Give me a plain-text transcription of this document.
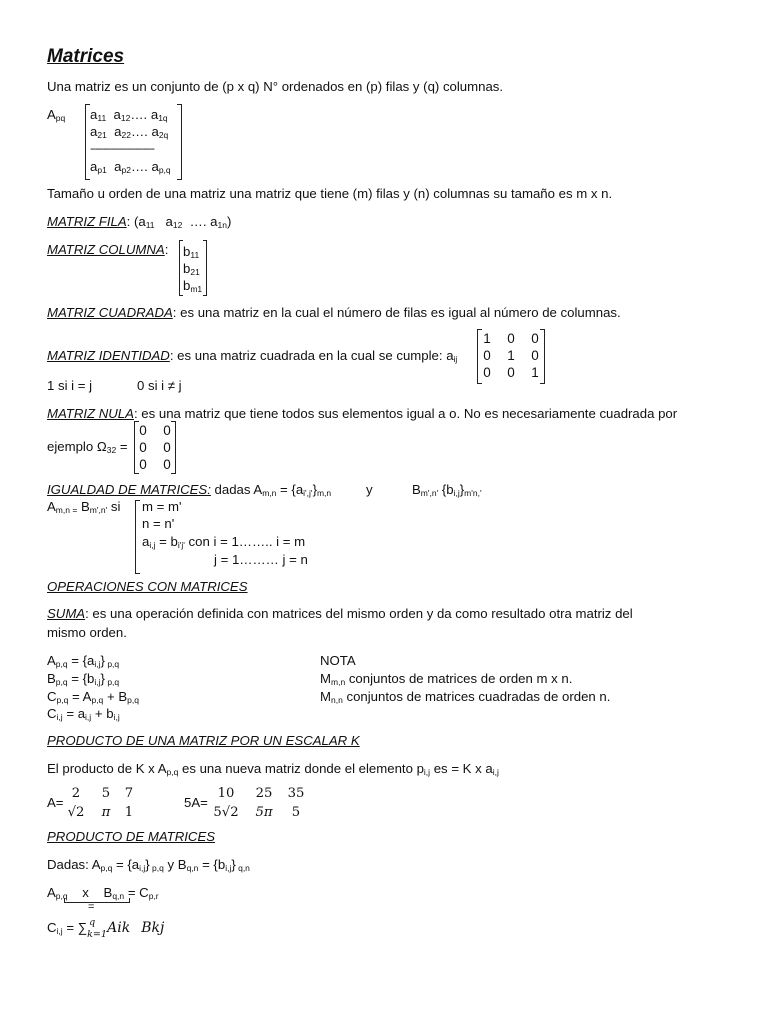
Matrices
Una matriz es un conjunto de (p x q) N° ordenados en (p) filas y (q) columnas.
$A_{pq}$ $a_{11}$ $a_{12}\dots$. $a_{1q}$
$a_{21}$ $a_{22}\dots$. $a_{2q}$
------------------------
$a_{p1}$ $a_{p2}\dots$. $a_{p,q}$
Tamaño u orden de una matriz una matriz que tiene (m) filas y (n) columnas su tamaño es m x n.
MATRIZ FILA: ($a_{11}$ $a_{12}$ …. $a_{1n}$)
MATRIZ COLUMNA: $b_{11}$
$b_{21}$
$b_{m1}$
MATRIZ CUADRADA: es una matriz en la cual el número de filas es igual al número de columnas.
MATRIZ IDENTIDAD: es una matriz cuadrada en la cual se cumple: $a_{ij}$
1	0	0
0	1	0
0	0	1
1 si i = j	0 si i ≠ j
MATRIZ NULA: es una matriz que tiene todos sus elementos igual a o. No es necesariamente cuadrada por
ejemplo $\Omega_{32}$ =
0	0
0	0
0	0
IGUALDAD DE MATRICES: dadas $A_{m,n} = \{a_{i',j'}\}_{m,n}$	y	$B_{m',n'}$ $\{b_{i,j}\}_{m'n,'}$
$A_{m,n =}$ $B_{m',n'}$ si m = m'
n = n'
$a_{i,j} = b_{i'j'}$ con i = 1…….. i = m
j = 1……… j = n
OPERACIONES CON MATRICES
SUMA: es una operación definida con matrices del mismo orden y da como resultado otra matriz del
mismo orden.
$A_{p,q} = \{a_{i,j}\}$ $_{p,q}$
$B_{p,q} = \{b_{i,j}\}$ $_{p,q}$
$C_{p,q} = A_{p,q} + B_{p,q}$
$C_{i,j} = a_{i,j} + b_{i,j}$
NOTA
$M_{m,n}$ conjuntos de matrices de orden m x n.
$M_{n,n}$ conjuntos de matrices cuadradas de orden n.
PRODUCTO DE UNA MATRIZ POR UN ESCALAR K
El producto de K x $A_{p,q}$ es una nueva matriz donde el elemento $p_{i,j}$ es = K x $a_{i,j}$
A=
2	5	7
√2	π	1
5A=
10	25	35
5√2	5π	5
PRODUCTO DE MATRICES
Dadas: $A_{p,q} = \{a_{i,j}\}$ $_{p,q}$ y $B_{q,n} = \{b_{i,j}\}$ $_{q,n}$
$A_{p,q}$ x $B_{q,n} = C_{p,r}$
=
$C_{i,j}$ = ∑ q
k=1 Aik Bkj
